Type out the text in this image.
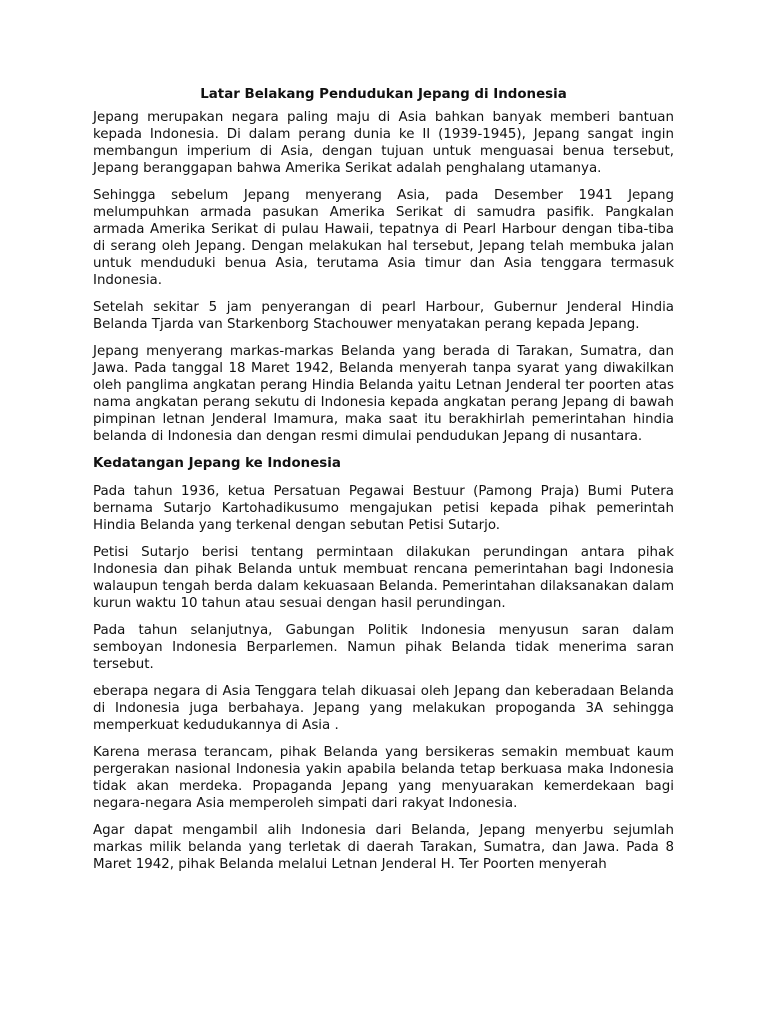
Latar Belakang Pendudukan Jepang di Indonesia

Jepang merupakan negara paling maju di Asia bahkan banyak memberi bantuan kepada Indonesia. Di dalam perang dunia ke II (1939-1945), Jepang sangat ingin membangun imperium di Asia, dengan tujuan untuk menguasai benua tersebut, Jepang beranggapan bahwa Amerika Serikat adalah penghalang utamanya.

Sehingga sebelum Jepang menyerang Asia, pada Desember 1941 Jepang melumpuhkan armada pasukan Amerika Serikat di samudra pasifik. Pangkalan armada Amerika Serikat di pulau Hawaii, tepatnya di Pearl Harbour dengan tiba-tiba di serang oleh Jepang. Dengan melakukan hal tersebut, Jepang telah membuka jalan untuk menduduki benua Asia, terutama Asia timur dan Asia tenggara termasuk Indonesia.

Setelah sekitar 5 jam penyerangan di pearl Harbour, Gubernur Jenderal Hindia Belanda Tjarda van Starkenborg Stachouwer menyatakan perang kepada Jepang.

Jepang menyerang markas-markas Belanda yang berada di Tarakan, Sumatra, dan Jawa. Pada tanggal 18 Maret 1942, Belanda menyerah tanpa syarat yang diwakilkan oleh panglima angkatan perang Hindia Belanda yaitu Letnan Jenderal ter poorten atas nama angkatan perang sekutu di Indonesia kepada angkatan perang Jepang di bawah pimpinan letnan Jenderal Imamura, maka saat itu berakhirlah pemerintahan hindia belanda di Indonesia dan dengan resmi dimulai pendudukan Jepang di nusantara.

Kedatangan Jepang ke Indonesia

Pada tahun 1936, ketua Persatuan Pegawai Bestuur (Pamong Praja) Bumi Putera bernama Sutarjo Kartohadikusumo mengajukan petisi kepada pihak pemerintah Hindia Belanda yang terkenal dengan sebutan Petisi Sutarjo.

Petisi Sutarjo berisi tentang permintaan dilakukan perundingan antara pihak Indonesia dan pihak Belanda untuk membuat rencana pemerintahan bagi Indonesia walaupun tengah berda dalam kekuasaan Belanda. Pemerintahan dilaksanakan dalam kurun waktu 10 tahun atau sesuai dengan hasil perundingan.

Pada tahun selanjutnya, Gabungan Politik Indonesia menyusun saran dalam semboyan Indonesia Berparlemen. Namun pihak Belanda tidak menerima saran tersebut.

eberapa negara di Asia Tenggara telah dikuasai oleh Jepang dan keberadaan Belanda di Indonesia juga berbahaya. Jepang yang melakukan propoganda 3A sehingga memperkuat kedudukannya di Asia .

Karena merasa terancam, pihak Belanda yang bersikeras semakin membuat kaum pergerakan nasional Indonesia yakin apabila belanda tetap berkuasa maka Indonesia tidak akan merdeka. Propaganda Jepang yang menyuarakan kemerdekaan bagi negara-negara Asia memperoleh simpati dari rakyat Indonesia.

Agar dapat mengambil alih Indonesia dari Belanda, Jepang menyerbu sejumlah markas milik belanda yang terletak di daerah Tarakan, Sumatra, dan Jawa. Pada 8 Maret 1942, pihak Belanda melalui Letnan Jenderal H. Ter Poorten menyerah
